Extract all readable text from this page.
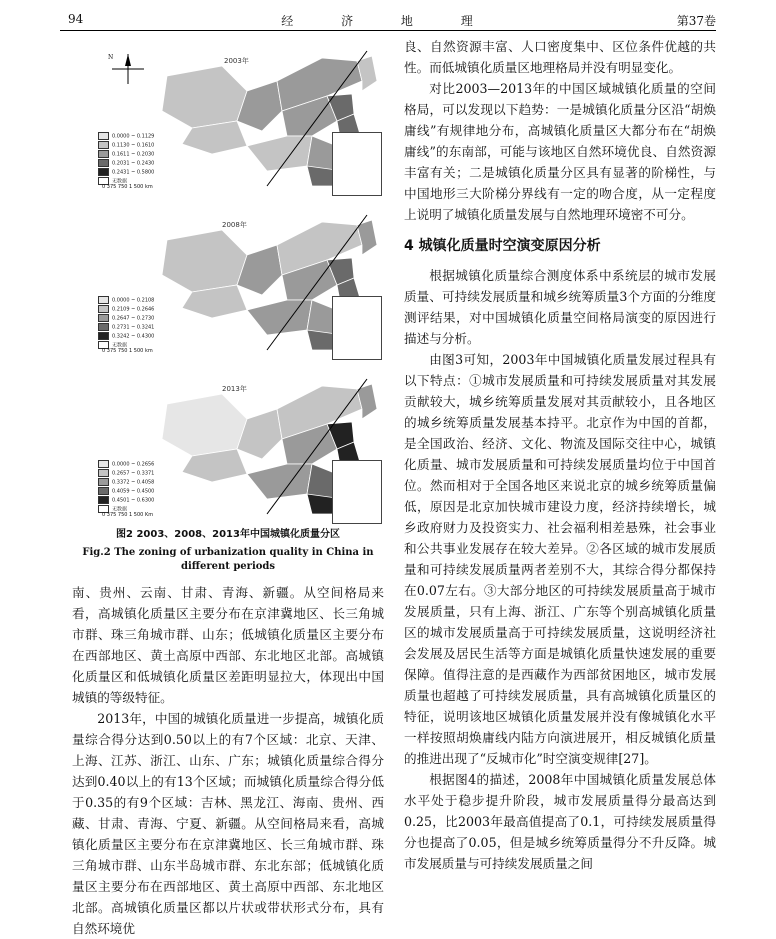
94	经 济 地 理	第37卷
N	2003年
0.0000 ~ 0.1129
0.1130 ~ 0.1610
0.1611 ~ 0.2030
0.2031 ~ 0.2430
0.2431 ~ 0.5800
无数据
0 375 750 1 500 km
2008年
0.0000 ~ 0.2108
0.2109 ~ 0.2646
0.2647 ~ 0.2730
0.2731 ~ 0.3241
0.3242 ~ 0.4300
无数据
0 375 750 1 500 km
2013年
0.0000 ~ 0.2656
0.2657 ~ 0.3371
0.3372 ~ 0.4058
0.4059 ~ 0.4500
0.4501 ~ 0.6300
无数据
0 375 750 1 500 Km
图2 2003、2008、2013年中国城镇化质量分区
Fig.2 The zoning of urbanization quality in China in different periods

南、贵州、云南、甘肃、青海、新疆。从空间格局来看，高城镇化质量区主要分布在京津冀地区、长三角城市群、珠三角城市群、山东；低城镇化质量区主要分布在西部地区、黄土高原中西部、东北地区北部。高城镇化质量区和低城镇化质量区差距明显拉大，体现出中国城镇的等级特征。

2013年，中国的城镇化质量进一步提高，城镇化质量综合得分达到0.50以上的有7个区域：北京、天津、上海、江苏、浙江、山东、广东；城镇化质量综合得分达到0.40以上的有13个区域；而城镇化质量综合得分低于0.35的有9个区域：吉林、黑龙江、海南、贵州、西藏、甘肃、青海、宁夏、新疆。从空间格局来看，高城镇化质量区主要分布在京津冀地区、长三角城市群、珠三角城市群、山东半岛城市群、东北东部；低城镇化质量区主要分布在西部地区、黄土高原中西部、东北地区北部。高城镇化质量区都以片状或带状形式分布，具有自然环境优

良、自然资源丰富、人口密度集中、区位条件优越的共性。而低城镇化质量区地理格局并没有明显变化。

对比2003—2013年的中国区域城镇化质量的空间格局，可以发现以下趋势：一是城镇化质量分区沿“胡焕庸线”有规律地分布，高城镇化质量区大都分布在“胡焕庸线”的东南部，可能与该地区自然环境优良、自然资源丰富有关；二是城镇化质量分区具有显著的阶梯性，与中国地形三大阶梯分界线有一定的吻合度，从一定程度上说明了城镇化质量发展与自然地理环境密不可分。

4 城镇化质量时空演变原因分析

根据城镇化质量综合测度体系中系统层的城市发展质量、可持续发展质量和城乡统筹质量3个方面的分维度测评结果，对中国城镇化质量空间格局演变的原因进行描述与分析。

由图3可知，2003年中国城镇化质量发展过程具有以下特点：①城市发展质量和可持续发展质量对其发展贡献较大，城乡统筹质量发展对其贡献较小，且各地区的城乡统筹质量发展基本持平。北京作为中国的首都，是全国政治、经济、文化、物流及国际交往中心，城镇化质量、城市发展质量和可持续发展质量均位于中国首位。然而相对于全国各地区来说北京的城乡统筹质量偏低，原因是北京加快城市建设力度，经济持续增长，城乡政府财力及投资实力、社会福利相差悬殊，社会事业和公共事业发展存在较大差异。②各区域的城市发展质量和可持续发展质量两者差别不大，其综合得分都保持在0.07左右。③大部分地区的可持续发展质量高于城市发展质量，只有上海、浙江、广东等个别高城镇化质量区的城市发展质量高于可持续发展质量，这说明经济社会发展及居民生活等方面是城镇化质量快速发展的重要保障。值得注意的是西藏作为西部贫困地区，城市发展质量也超越了可持续发展质量，具有高城镇化质量区的特征，说明该地区城镇化质量发展并没有像城镇化水平一样按照胡焕庸线内陆方向演进展开，相反城镇化质量的推进出现了“反城市化”时空演变规律[27]。

根据图4的描述，2008年中国城镇化质量发展总体水平处于稳步提升阶段，城市发展质量得分最高达到0.25，比2003年最高值提高了0.1，可持续发展质量得分也提高了0.05，但是城乡统筹质量得分不升反降。城市发展质量与可持续发展质量之间
